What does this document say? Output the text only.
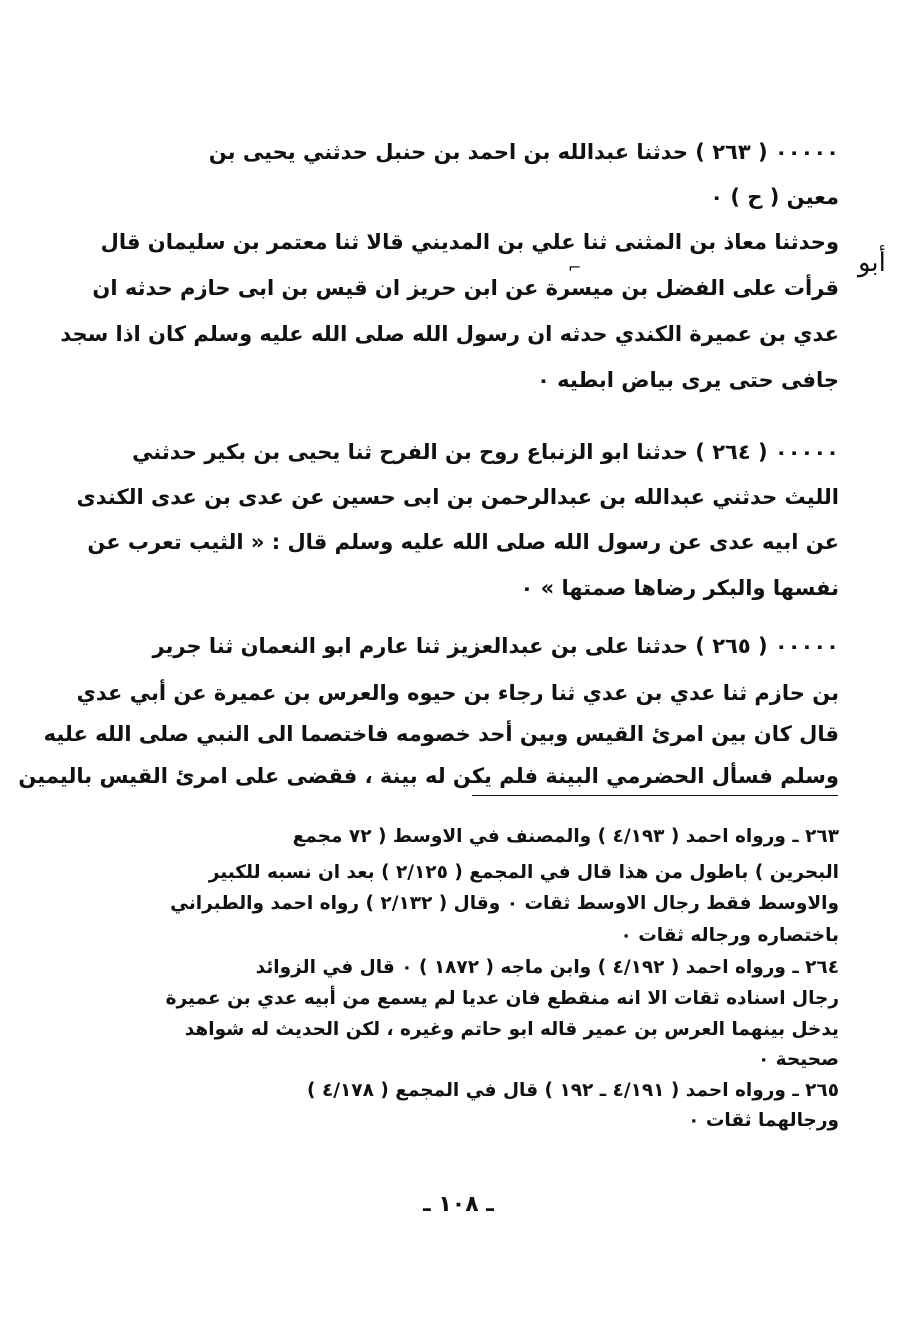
٠٠٠٠٠ ( ٢٦٣ ) حدثنا عبدالله بن احمد بن حنبل حدثني يحيى بن
معين ( ح ) ٠
وحدثنا معاذ بن المثنى ثنا علي بن المديني قالا ثنا معتمر بن سليمان قال
قرأت على الفضل بن ميسرة عن ابن حريز ان قيس بن ابى حازم حدثه ان
⌐
عدي بن عميرة الكندي حدثه ان رسول الله صلى الله عليه وسلم كان اذا سجد
جافى حتى يرى بياض ابطيه ٠
أبو
٠٠٠٠٠ ( ٢٦٤ ) حدثنا ابو الزنباع روح بن الفرح ثنا يحيى بن بكير حدثني
الليث حدثني عبدالله بن عبدالرحمن بن ابى حسين عن عدى بن عدى الكندى
عن ابيه عدى عن رسول الله صلى الله عليه وسلم قال : « الثيب تعرب عن
نفسها والبكر رضاها صمتها » ٠
٠٠٠٠٠ ( ٢٦٥ ) حدثنا على بن عبدالعزيز ثنا عارم ابو النعمان ثنا جرير
بن حازم ثنا عدي بن عدي ثنا رجاء بن حيوه والعرس بن عميرة عن أبي عدي
قال كان بين امرئ القيس وبين أحد خصومه فاختصما الى النبي صلى الله عليه
وسلم فسأل الحضرمي البينة فلم يكن له بينة ، فقضى على امرئ القيس باليمين
٢٦٣ ـ ورواه احمد ( ٤/١٩٣ ) والمصنف في الاوسط ( ٧٢ مجمع
البحرين ) باطول من هذا قال في المجمع ( ٢/١٢٥ ) بعد ان نسبه للكبير
والاوسط فقط رجال الاوسط ثقات ٠ وقال ( ٢/١٣٢ ) رواه احمد والطبراني
باختصاره ورجاله ثقات ٠
٢٦٤ ـ ورواه احمد ( ٤/١٩٢ ) وابن ماجه ( ١٨٧٢ ) ٠ قال في الزوائد
رجال اسناده ثقات الا انه منقطع فان عديا لم يسمع من أبيه عدي بن عميرة
يدخل بينهما العرس بن عمير قاله ابو حاتم وغيره ، لكن الحديث له شواهد
صحيحة ٠
٢٦٥ ـ ورواه احمد ( ٤/١٩١ ـ ١٩٢ ) قال في المجمع ( ٤/١٧٨ )
ورجالهما ثقات ٠
ـ ١٠٨ ـ
